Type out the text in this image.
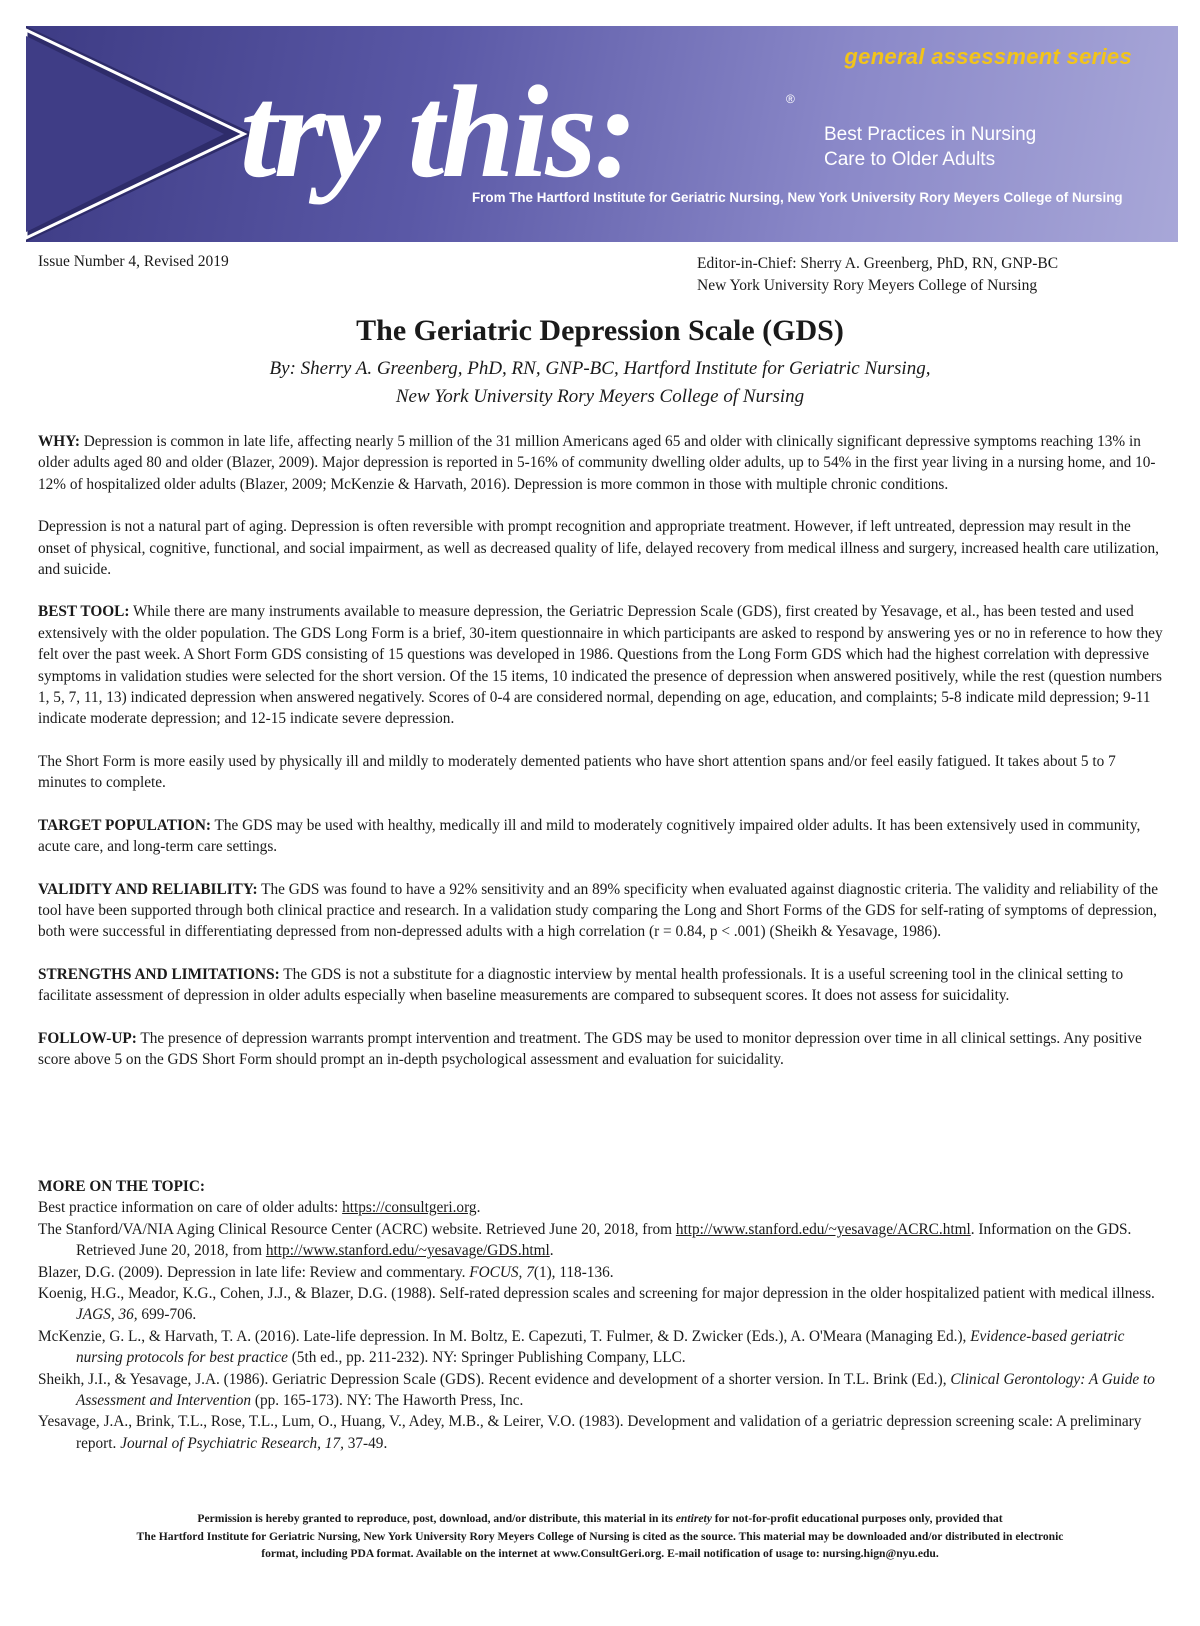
general assessment series
try this:	®
Best Practices in Nursing
Care to Older Adults
From The Hartford Institute for Geriatric Nursing, New York University Rory Meyers College of Nursing
Issue Number 4, Revised 2019	Editor-in-Chief: Sherry A. Greenberg, PhD, RN, GNP-BC
New York University Rory Meyers College of Nursing
The Geriatric Depression Scale (GDS)
By: Sherry A. Greenberg, PhD, RN, GNP-BC, Hartford Institute for Geriatric Nursing,
New York University Rory Meyers College of Nursing

WHY: Depression is common in late life, affecting nearly 5 million of the 31 million Americans aged 65 and older with clinically significant depressive symptoms reaching 13% in older adults aged 80 and older (Blazer, 2009). Major depression is reported in 5-16% of community dwelling older adults, up to 54% in the first year living in a nursing home, and 10-12% of hospitalized older adults (Blazer, 2009; McKenzie & Harvath, 2016). Depression is more common in those with multiple chronic conditions.

Depression is not a natural part of aging. Depression is often reversible with prompt recognition and appropriate treatment. However, if left untreated, depression may result in the onset of physical, cognitive, functional, and social impairment, as well as decreased quality of life, delayed recovery from medical illness and surgery, increased health care utilization, and suicide.

BEST TOOL: While there are many instruments available to measure depression, the Geriatric Depression Scale (GDS), first created by Yesavage, et al., has been tested and used extensively with the older population. The GDS Long Form is a brief, 30-item questionnaire in which participants are asked to respond by answering yes or no in reference to how they felt over the past week. A Short Form GDS consisting of 15 questions was developed in 1986. Questions from the Long Form GDS which had the highest correlation with depressive symptoms in validation studies were selected for the short version. Of the 15 items, 10 indicated the presence of depression when answered positively, while the rest (question numbers 1, 5, 7, 11, 13) indicated depression when answered negatively. Scores of 0-4 are considered normal, depending on age, education, and complaints; 5-8 indicate mild depression; 9-11 indicate moderate depression; and 12-15 indicate severe depression.

The Short Form is more easily used by physically ill and mildly to moderately demented patients who have short attention spans and/or feel easily fatigued. It takes about 5 to 7 minutes to complete.

TARGET POPULATION: The GDS may be used with healthy, medically ill and mild to moderately cognitively impaired older adults. It has been extensively used in community, acute care, and long-term care settings.

VALIDITY AND RELIABILITY: The GDS was found to have a 92% sensitivity and an 89% specificity when evaluated against diagnostic criteria. The validity and reliability of the tool have been supported through both clinical practice and research. In a validation study comparing the Long and Short Forms of the GDS for self-rating of symptoms of depression, both were successful in differentiating depressed from non-depressed adults with a high correlation (r = 0.84, p < .001) (Sheikh & Yesavage, 1986).

STRENGTHS AND LIMITATIONS: The GDS is not a substitute for a diagnostic interview by mental health professionals. It is a useful screening tool in the clinical setting to facilitate assessment of depression in older adults especially when baseline measurements are compared to subsequent scores. It does not assess for suicidality.

FOLLOW-UP: The presence of depression warrants prompt intervention and treatment. The GDS may be used to monitor depression over time in all clinical settings. Any positive score above 5 on the GDS Short Form should prompt an in-depth psychological assessment and evaluation for suicidality.

MORE ON THE TOPIC:
Best practice information on care of older adults: https://consultgeri.org.

The Stanford/VA/NIA Aging Clinical Resource Center (ACRC) website. Retrieved June 20, 2018, from http://www.stanford.edu/~yesavage/ACRC.html. Information on the GDS. Retrieved June 20, 2018, from http://www.stanford.edu/~yesavage/GDS.html.

Blazer, D.G. (2009). Depression in late life: Review and commentary. FOCUS, 7(1), 118-136.

Koenig, H.G., Meador, K.G., Cohen, J.J., & Blazer, D.G. (1988). Self-rated depression scales and screening for major depression in the older hospitalized patient with medical illness. JAGS, 36, 699-706.

McKenzie, G. L., & Harvath, T. A. (2016). Late-life depression. In M. Boltz, E. Capezuti, T. Fulmer, & D. Zwicker (Eds.), A. O'Meara (Managing Ed.), Evidence-based geriatric nursing protocols for best practice (5th ed., pp. 211-232). NY: Springer Publishing Company, LLC.

Sheikh, J.I., & Yesavage, J.A. (1986). Geriatric Depression Scale (GDS). Recent evidence and development of a shorter version. In T.L. Brink (Ed.), Clinical Gerontology: A Guide to Assessment and Intervention (pp. 165-173). NY: The Haworth Press, Inc.

Yesavage, J.A., Brink, T.L., Rose, T.L., Lum, O., Huang, V., Adey, M.B., & Leirer, V.O. (1983). Development and validation of a geriatric depression screening scale: A preliminary report. Journal of Psychiatric Research, 17, 37-49.

Permission is hereby granted to reproduce, post, download, and/or distribute, this material in its entirety for not-for-profit educational purposes only, provided that
The Hartford Institute for Geriatric Nursing, New York University Rory Meyers College of Nursing is cited as the source. This material may be downloaded and/or distributed in electronic
format, including PDA format. Available on the internet at www.ConsultGeri.org. E-mail notification of usage to: nursing.hign@nyu.edu.
